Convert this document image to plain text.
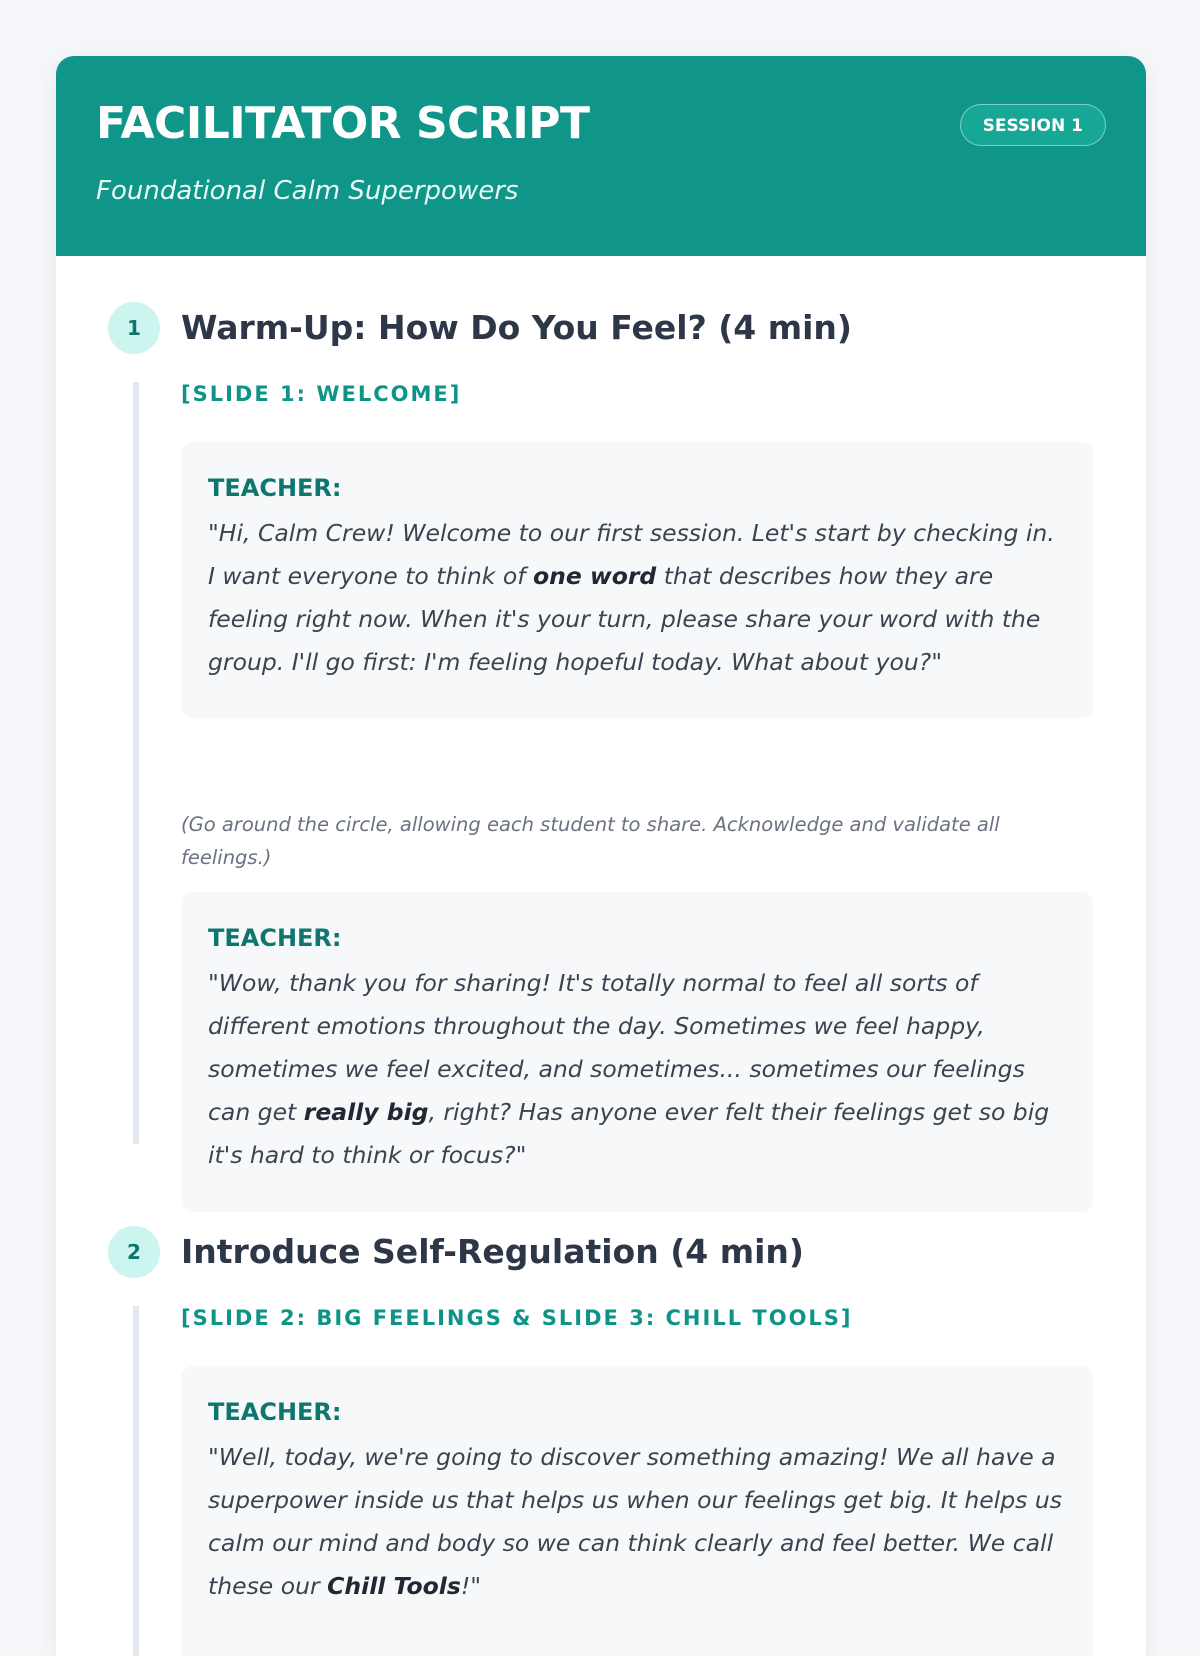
FACILITATOR SCRIPT
Foundational Calm Superpowers
SESSION 1
1	Warm-Up: How Do You Feel? (4 min)
[SLIDE 1: WELCOME]
TEACHER:

"Hi, Calm Crew! Welcome to our first session. Let's start by checking in. I want everyone to think of one word that describes how they are feeling right now. When it's your turn, please share your word with the group. I'll go first: I'm feeling hopeful today. What about you?"

(Go around the circle, allowing each student to share. Acknowledge and validate all feelings.)
TEACHER:

"Wow, thank you for sharing! It's totally normal to feel all sorts of different emotions throughout the day. Sometimes we feel happy, sometimes we feel excited, and sometimes... sometimes our feelings can get really big, right? Has anyone ever felt their feelings get so big it's hard to think or focus?"

2	Introduce Self-Regulation (4 min)
[SLIDE 2: BIG FEELINGS & SLIDE 3: CHILL TOOLS]
TEACHER:

"Well, today, we're going to discover something amazing! We all have a superpower inside us that helps us when our feelings get big. It helps us calm our mind and body so we can think clearly and feel better. We call these our Chill Tools!"
